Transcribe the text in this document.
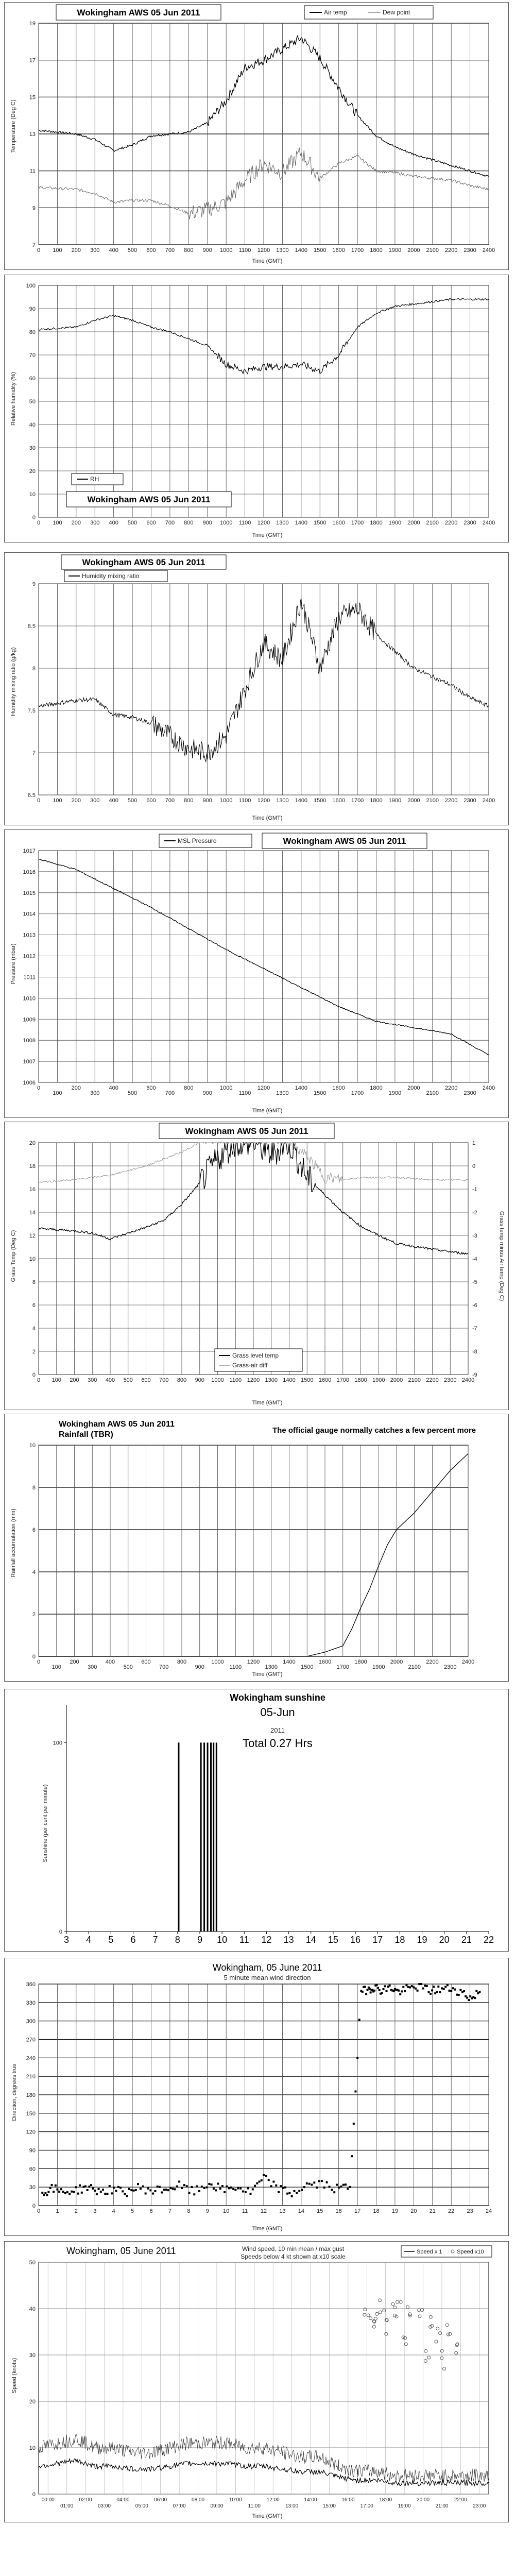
7
9
11
13
15
17
19
0 100 200 300 400 500 600 700 800 900 1000 1100 1200 1300 1400 1500 1600 1700 1800 1900 2000 2100 2200 2300 2400
Wokingham AWS 05 Jun 2011	Air temp	Dew point
Time (GMT)
Temperature (Deg C)
0
10
20
30
40
50
60
70
80
90
100
0 100 200 300 400 500 600 700 800 900 1000 1100 1200 1300 1400 1500 1600 1700 1800 1900 2000 2100 2200 2300 2400
Wokingham AWS 05 Jun 2011
RH
Time (GMT)
Relative humidity (%)
6.5
7
7.5
8
8.5
9
0 100 200 300 400 500 600 700 800 900 1000 1100 1200 1300 1400 1500 1600 1700 1800 1900 2000 2100 2200 2300 2400
Wokingham AWS 05 Jun 2011
Humidity mixing ratio
Time (GMT)
Humidity mixing ratio (g/kg)
1006
1007
1008
1009
1010
1011
1012
1013
1014
1015
1016
1017
0
100
200
300
400
500
600
700
800
900
1000
1100
1200
1300
1400
1500
1600
1700
1800
1900
2000
2100
2200
2300
2400
MSL Pressure	Wokingham AWS 05 Jun 2011
Time (GMT)
Pressure (mbar)
0
2
4
6
8
10
12
14
16
18
20
0 100 200 300 400 500 600 700 800 900 1000 1100 1200 1300 1400 1500 1600 1700 1800 1900 2000 2100 2200 2300 2400
-9
-8
-7
-6
-5
-4
-3
-2
-1
0
1
Wokingham AWS 05 Jun 2011
Grass level temp
Grass-air diff
Time (GMT)
Grass Temp (Deg C)	Grass temp minus Air temp (Deg C)
0
2
4
6
8
10
0
100
200
300
400
500
600
700
800
900
1000
1100
1200
1300
1400
1500
1600
1700
1800
1900
2000
2100
2200
2300
2400
Wokingham AWS 05 Jun 2011
Rainfall (TBR)	The official gauge normally catches a few percent more
Time (GMT)
Rainfall accumulation (mm)
0
100
3 4 5 6 7 8 9 10 11 12 13 14 15 16 17 18 19 20 21 22
Wokingham sunshine
05-Jun
2011
Total 0.27 Hrs
Sunshine (per cent per minute)
0
30
60
90
120
150
180
210
240
270
300
330
360
0	1	2	3	4	5	6	7	8	9 10 11 12 13 14 15 16 17 18 19 20 21 22 23 24
Wokingham, 05 June 2011
5 minute mean wind direction
Time (GMT)
Direction, degrees true
0
10
20
30
40
50
00:00
01:00
02:00
03:00
04:00
05:00
06:00
07:00
08:00
09:00
10:00
11:00
12:00
13:00
14:00
15:00
16:00
17:00
18:00
19:00
20:00
21:00
22:00
23:00
Wokingham, 05 June 2011	Wind speed, 10 min mean / max gust
Speeds below 4 kt shown at x10 scale
Speed x 1	Speed x10
Time (GMT)
Speed (knots)
